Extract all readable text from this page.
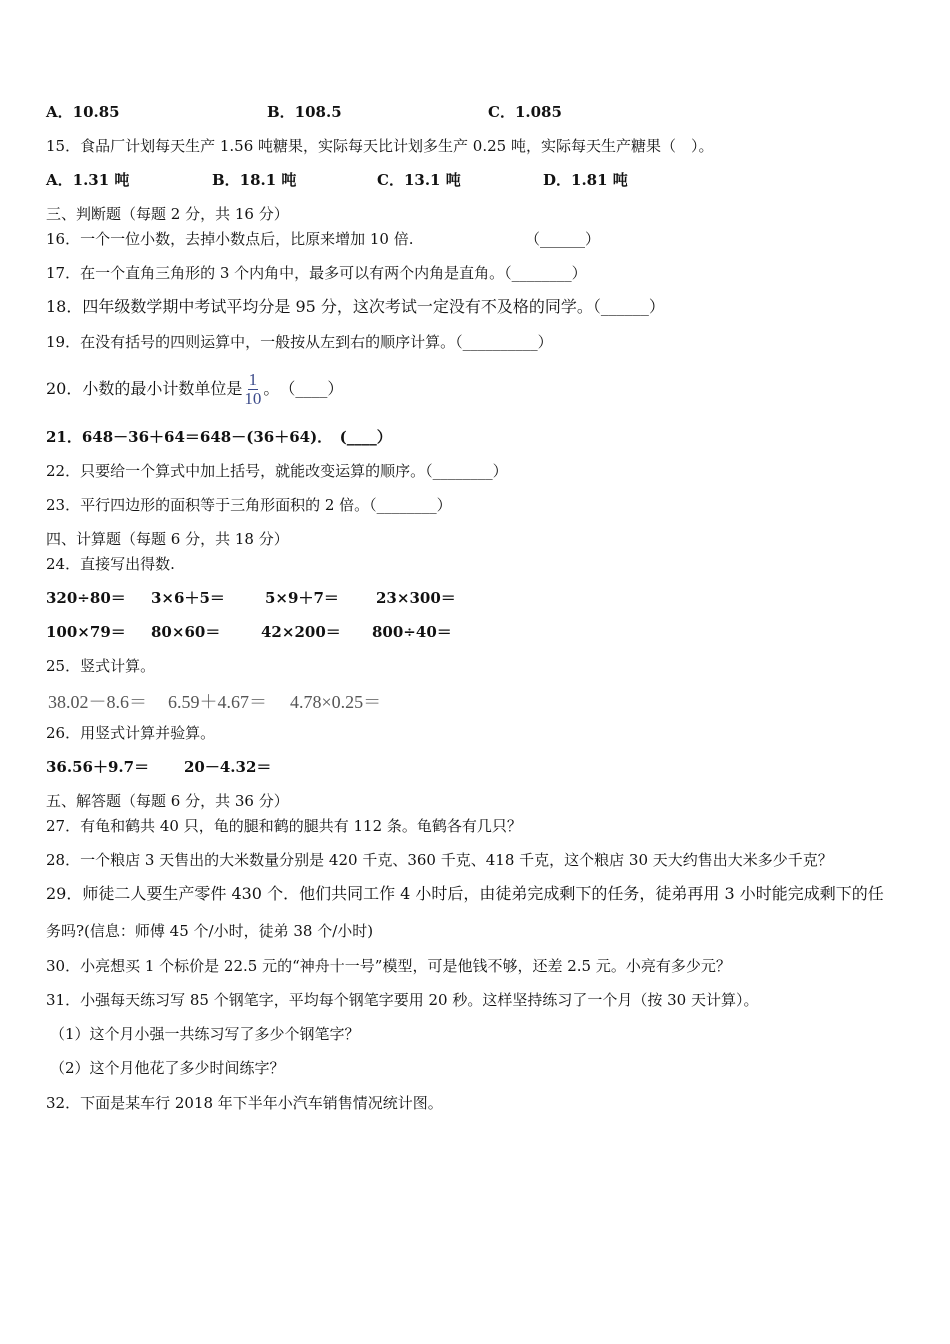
A．10.85	B．108.5	C．1.085
15．食品厂计划每天生产 1.56 吨糖果，实际每天比计划多生产 0.25 吨，实际每天生产糖果（　）。
A．1.31 吨	B．18.1 吨	C．13.1 吨	D．1.81 吨
三、判断题（每题 2 分，共 16 分）
16．一个一位小数，去掉小数点后，比原来增加 10 倍.	（______）
17．在一个直角三角形的 3 个内角中，最多可以有两个内角是直角。（________）
18．四年级数学期中考试平均分是 95 分，这次考试一定没有不及格的同学。（______）
19．在没有括号的四则运算中，一般按从左到右的顺序计算。（__________）
20．小数的最小计数单位是 $\frac{1}{10}$ 。　（____）
21．648－36＋64＝648－(36＋64)．　(____）
22．只要给一个算式中加上括号，就能改变运算的顺序。（________）
23．平行四边形的面积等于三角形面积的 2 倍。（________）
四、计算题（每题 6 分，共 18 分）
24．直接写出得数.
320÷80＝ 3×6＋5＝	5×9＋7＝ 23×300＝
100×79＝ 80×60＝	42×200＝ 800÷40＝
25．竖式计算。
38.02－8.6＝ 6.59＋4.67＝ 4.78×0.25＝
26．用竖式计算并验算。
36.56＋9.7＝ 20－4.32＝
五、解答题（每题 6 分，共 36 分）
27．有龟和鹤共 40 只，龟的腿和鹤的腿共有 112 条。龟鹤各有几只？
28．一个粮店 3 天售出的大米数量分别是 420 千克、360 千克、418 千克，这个粮店 30 天大约售出大米多少千克？
29．师徒二人要生产零件 430 个．他们共同工作 4 小时后，由徒弟完成剩下的任务，徒弟再用 3 小时能完成剩下的任
务吗?(信息：师傅 45 个/小时，徒弟 38 个/小时)
30．小亮想买 1 个标价是 22.5 元的“神舟十一号”模型，可是他钱不够，还差 2.5 元。小亮有多少元？
31．小强每天练习写 85 个钢笔字，平均每个钢笔字要用 20 秒。这样坚持练习了一个月（按 30 天计算）。
（1）这个月小强一共练习写了多少个钢笔字？
（2）这个月他花了多少时间练字？
32．下面是某车行 2018 年下半年小汽车销售情况统计图。
